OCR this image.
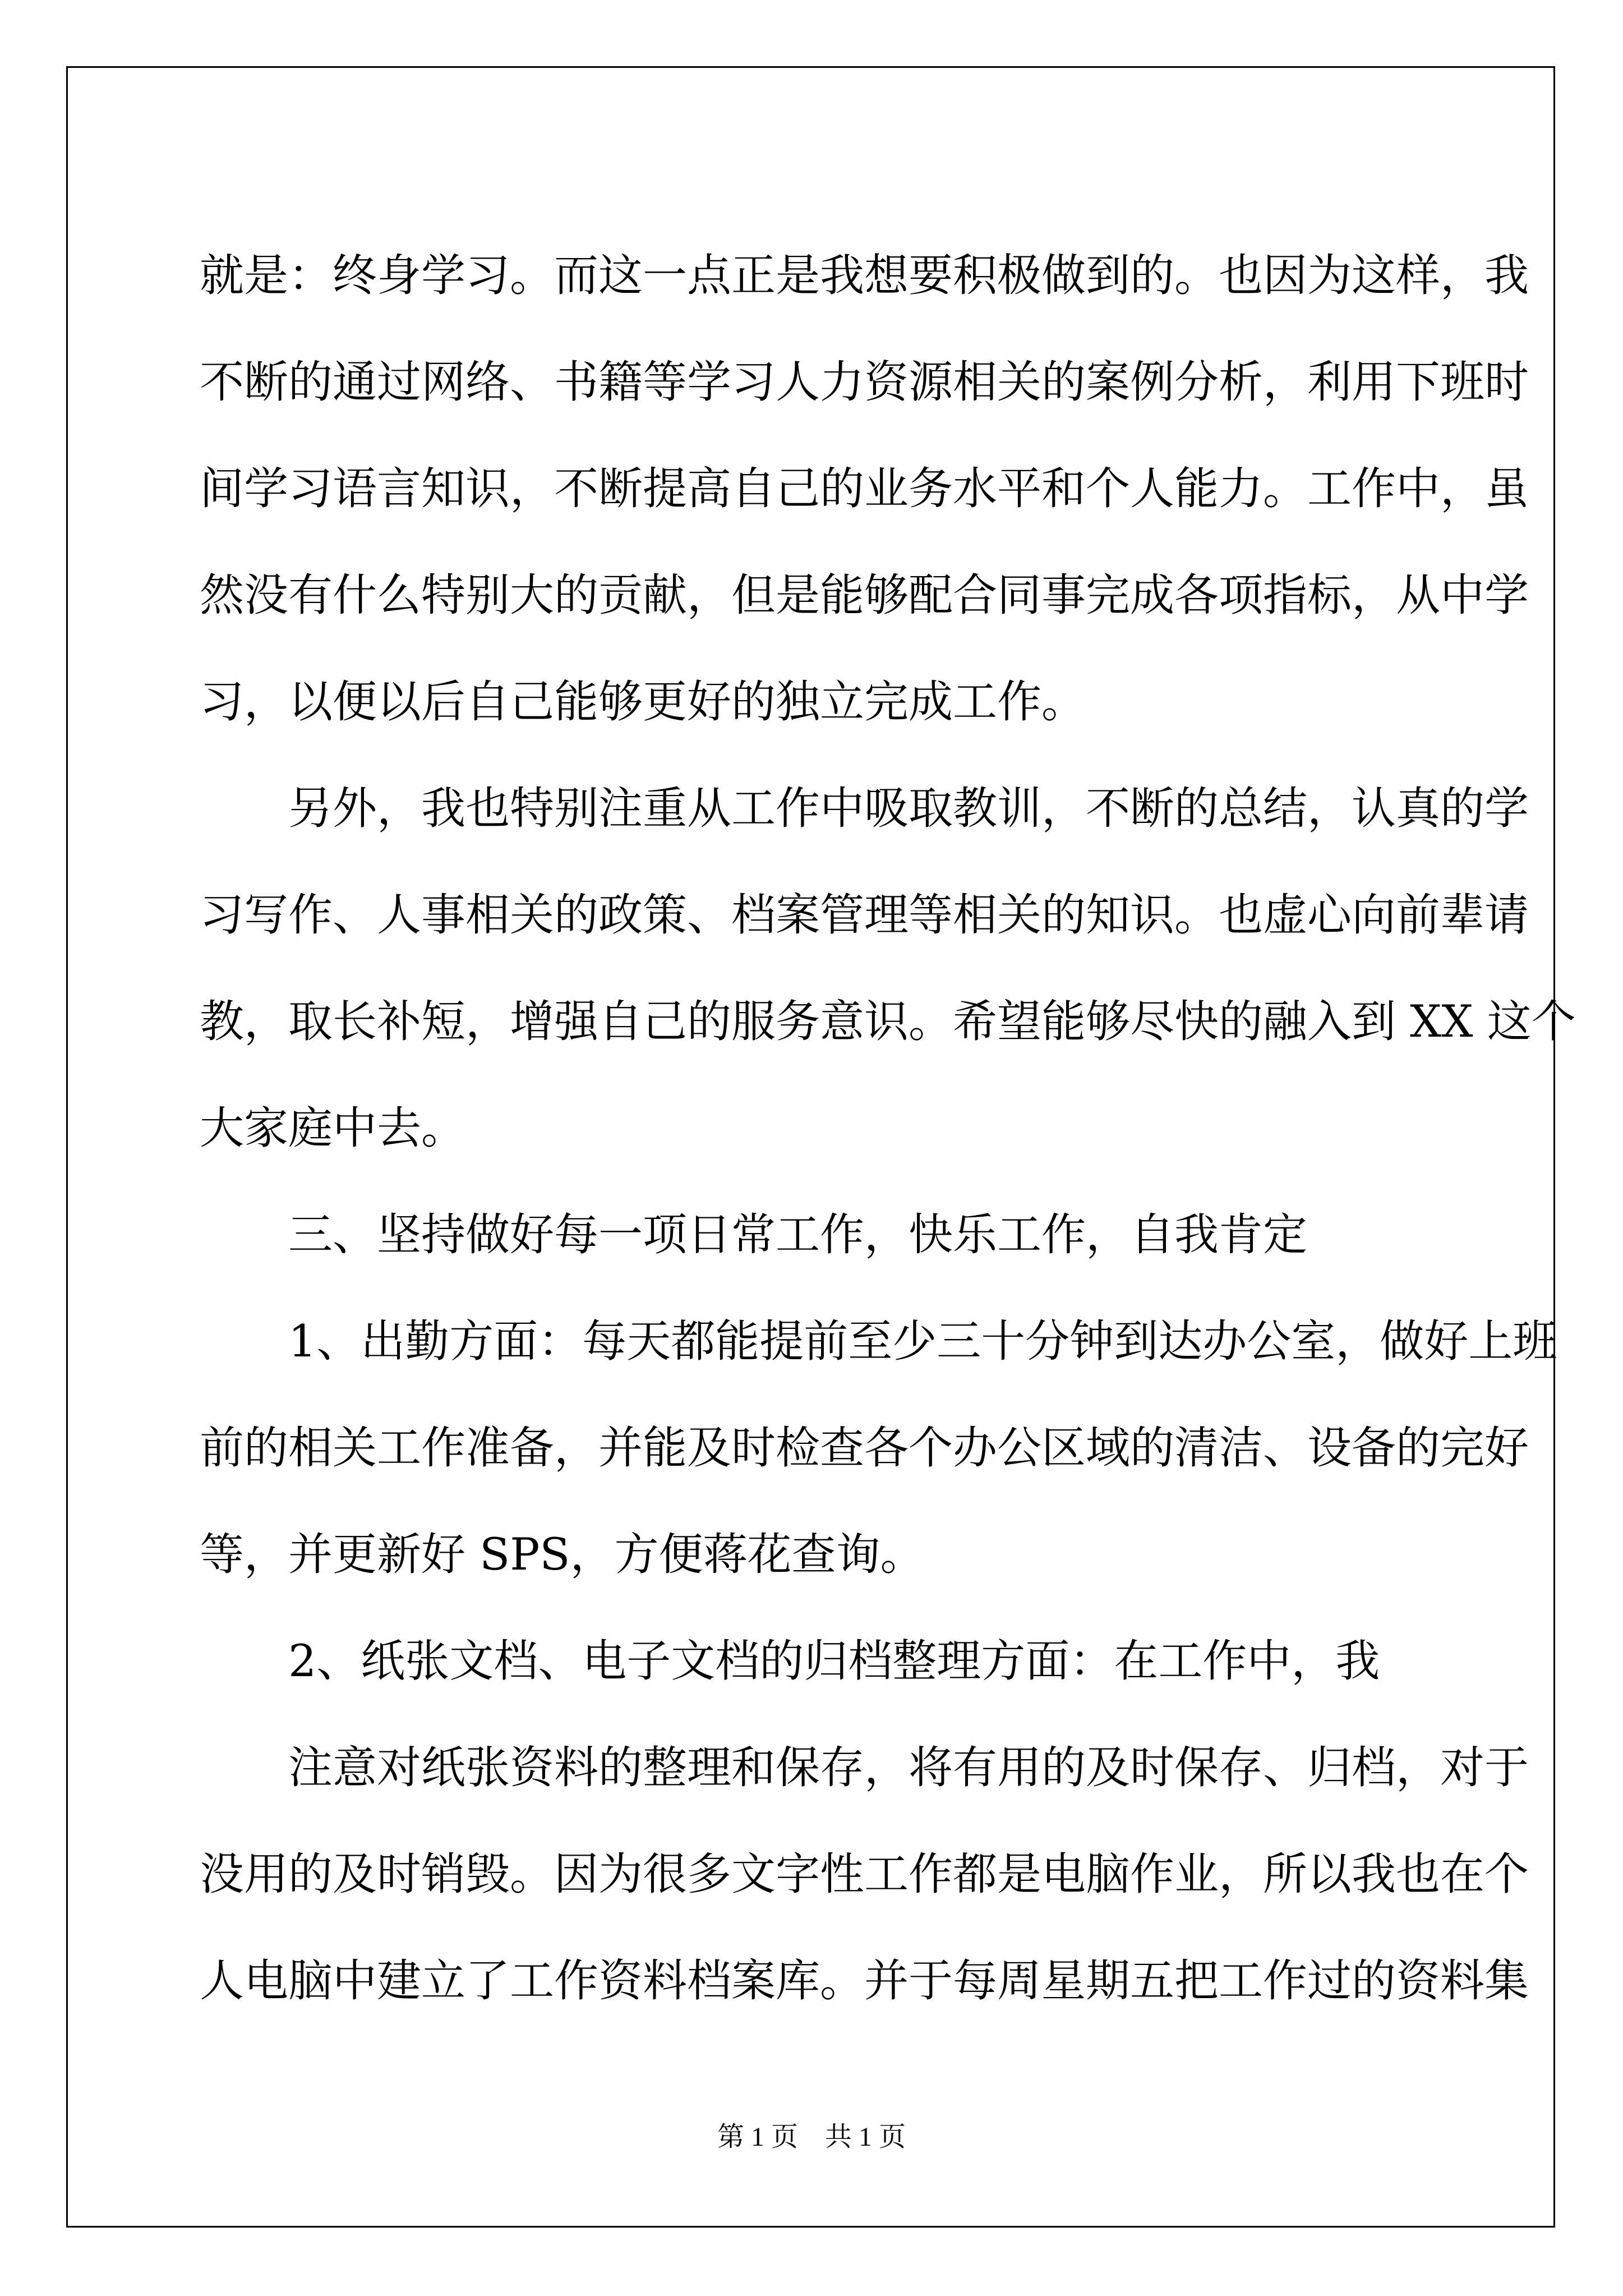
就是：终身学习。而这一点正是我想要积极做到的。也因为这样，我
不断的通过网络、书籍等学习人力资源相关的案例分析，利用下班时
间学习语言知识，不断提高自己的业务水平和个人能力。工作中，虽
然没有什么特别大的贡献，但是能够配合同事完成各项指标，从中学
习，以便以后自己能够更好的独立完成工作。
另外，我也特别注重从工作中吸取教训，不断的总结，认真的学
习写作、人事相关的政策、档案管理等相关的知识。也虚心向前辈请
教，取长补短，增强自己的服务意识。希望能够尽快的融入到 XX 这个
大家庭中去。
三、坚持做好每一项日常工作，快乐工作，自我肯定
1、出勤方面：每天都能提前至少三十分钟到达办公室，做好上班
前的相关工作准备，并能及时检查各个办公区域的清洁、设备的完好
等，并更新好 SPS，方便蒋花查询。
2、纸张文档、电子文档的归档整理方面：在工作中，我
注意对纸张资料的整理和保存，将有用的及时保存、归档，对于
没用的及时销毁。因为很多文字性工作都是电脑作业，所以我也在个
人电脑中建立了工作资料档案库。并于每周星期五把工作过的资料集
第 1 页 共 1 页
